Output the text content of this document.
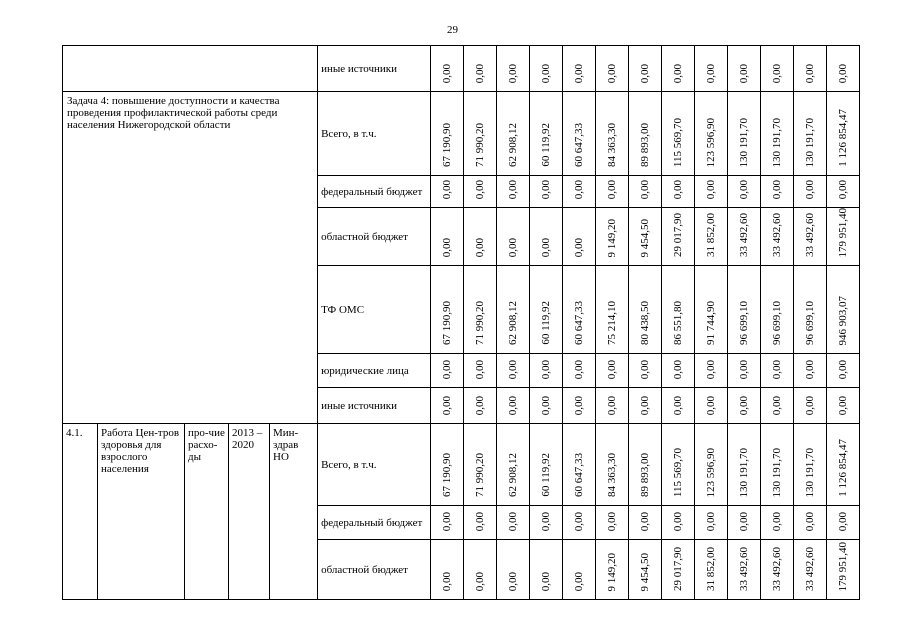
29
					иные источники	0,00	0,00	0,00	0,00	0,00	0,00	0,00	0,00	0,00	0,00	0,00	0,00	0,00

Задача 4: повышение доступности и качества проведения профилактической работы среди населения Нижегородской области					Всего, в т.ч.	67 190,90	71 990,20	62 908,12	60 119,92	60 647,33	84 363,30	89 893,00	115 569,70	123 596,90	130 191,70	130 191,70	130 191,70	1 126 854,47

					федеральный бюджет	0,00	0,00	0,00	0,00	0,00	0,00	0,00	0,00	0,00	0,00	0,00	0,00	0,00

					областной бюджет	0,00	0,00	0,00	0,00	0,00	9 149,20	9 454,50	29 017,90	31 852,00	33 492,60	33 492,60	33 492,60	179 951,40

					ТФ ОМС	67 190,90	71 990,20	62 908,12	60 119,92	60 647,33	75 214,10	80 438,50	86 551,80	91 744,90	96 699,10	96 699,10	96 699,10	946 903,07

					юридические лица	0,00	0,00	0,00	0,00	0,00	0,00	0,00	0,00	0,00	0,00	0,00	0,00	0,00

					иные источники	0,00	0,00	0,00	0,00	0,00	0,00	0,00	0,00	0,00	0,00	0,00	0,00	0,00

4.1.	Работа Цен-тров здоровья для взрослого населения	про-чие расхо-ды	2013 – 2020	Мин-здрав НО	Всего, в т.ч.	67 190,90	71 990,20	62 908,12	60 119,92	60 647,33	84 363,30	89 893,00	115 569,70	123 596,90	130 191,70	130 191,70	130 191,70	1 126 854,47

					федеральный бюджет	0,00	0,00	0,00	0,00	0,00	0,00	0,00	0,00	0,00	0,00	0,00	0,00	0,00

					областной бюджет	0,00	0,00	0,00	0,00	0,00	9 149,20	9 454,50	29 017,90	31 852,00	33 492,60	33 492,60	33 492,60	179 951,40
